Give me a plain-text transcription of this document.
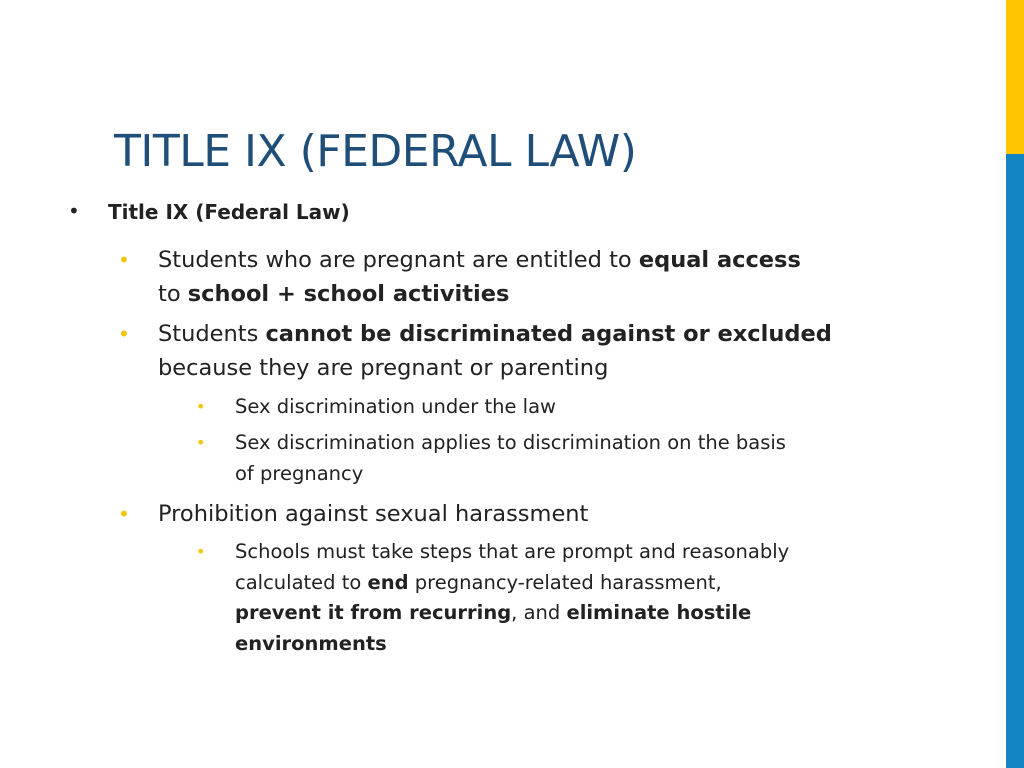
TITLE IX (FEDERAL LAW)
• Title IX (Federal Law)
• Students who are pregnant are entitled to equal access
to school + school activities
• Students cannot be discriminated against or excluded
because they are pregnant or parenting
• Sex discrimination under the law
• Sex discrimination applies to discrimination on the basis
of pregnancy
• Prohibition against sexual harassment
• Schools must take steps that are prompt and reasonably
calculated to end pregnancy-related harassment,
prevent it from recurring, and eliminate hostile
environments
